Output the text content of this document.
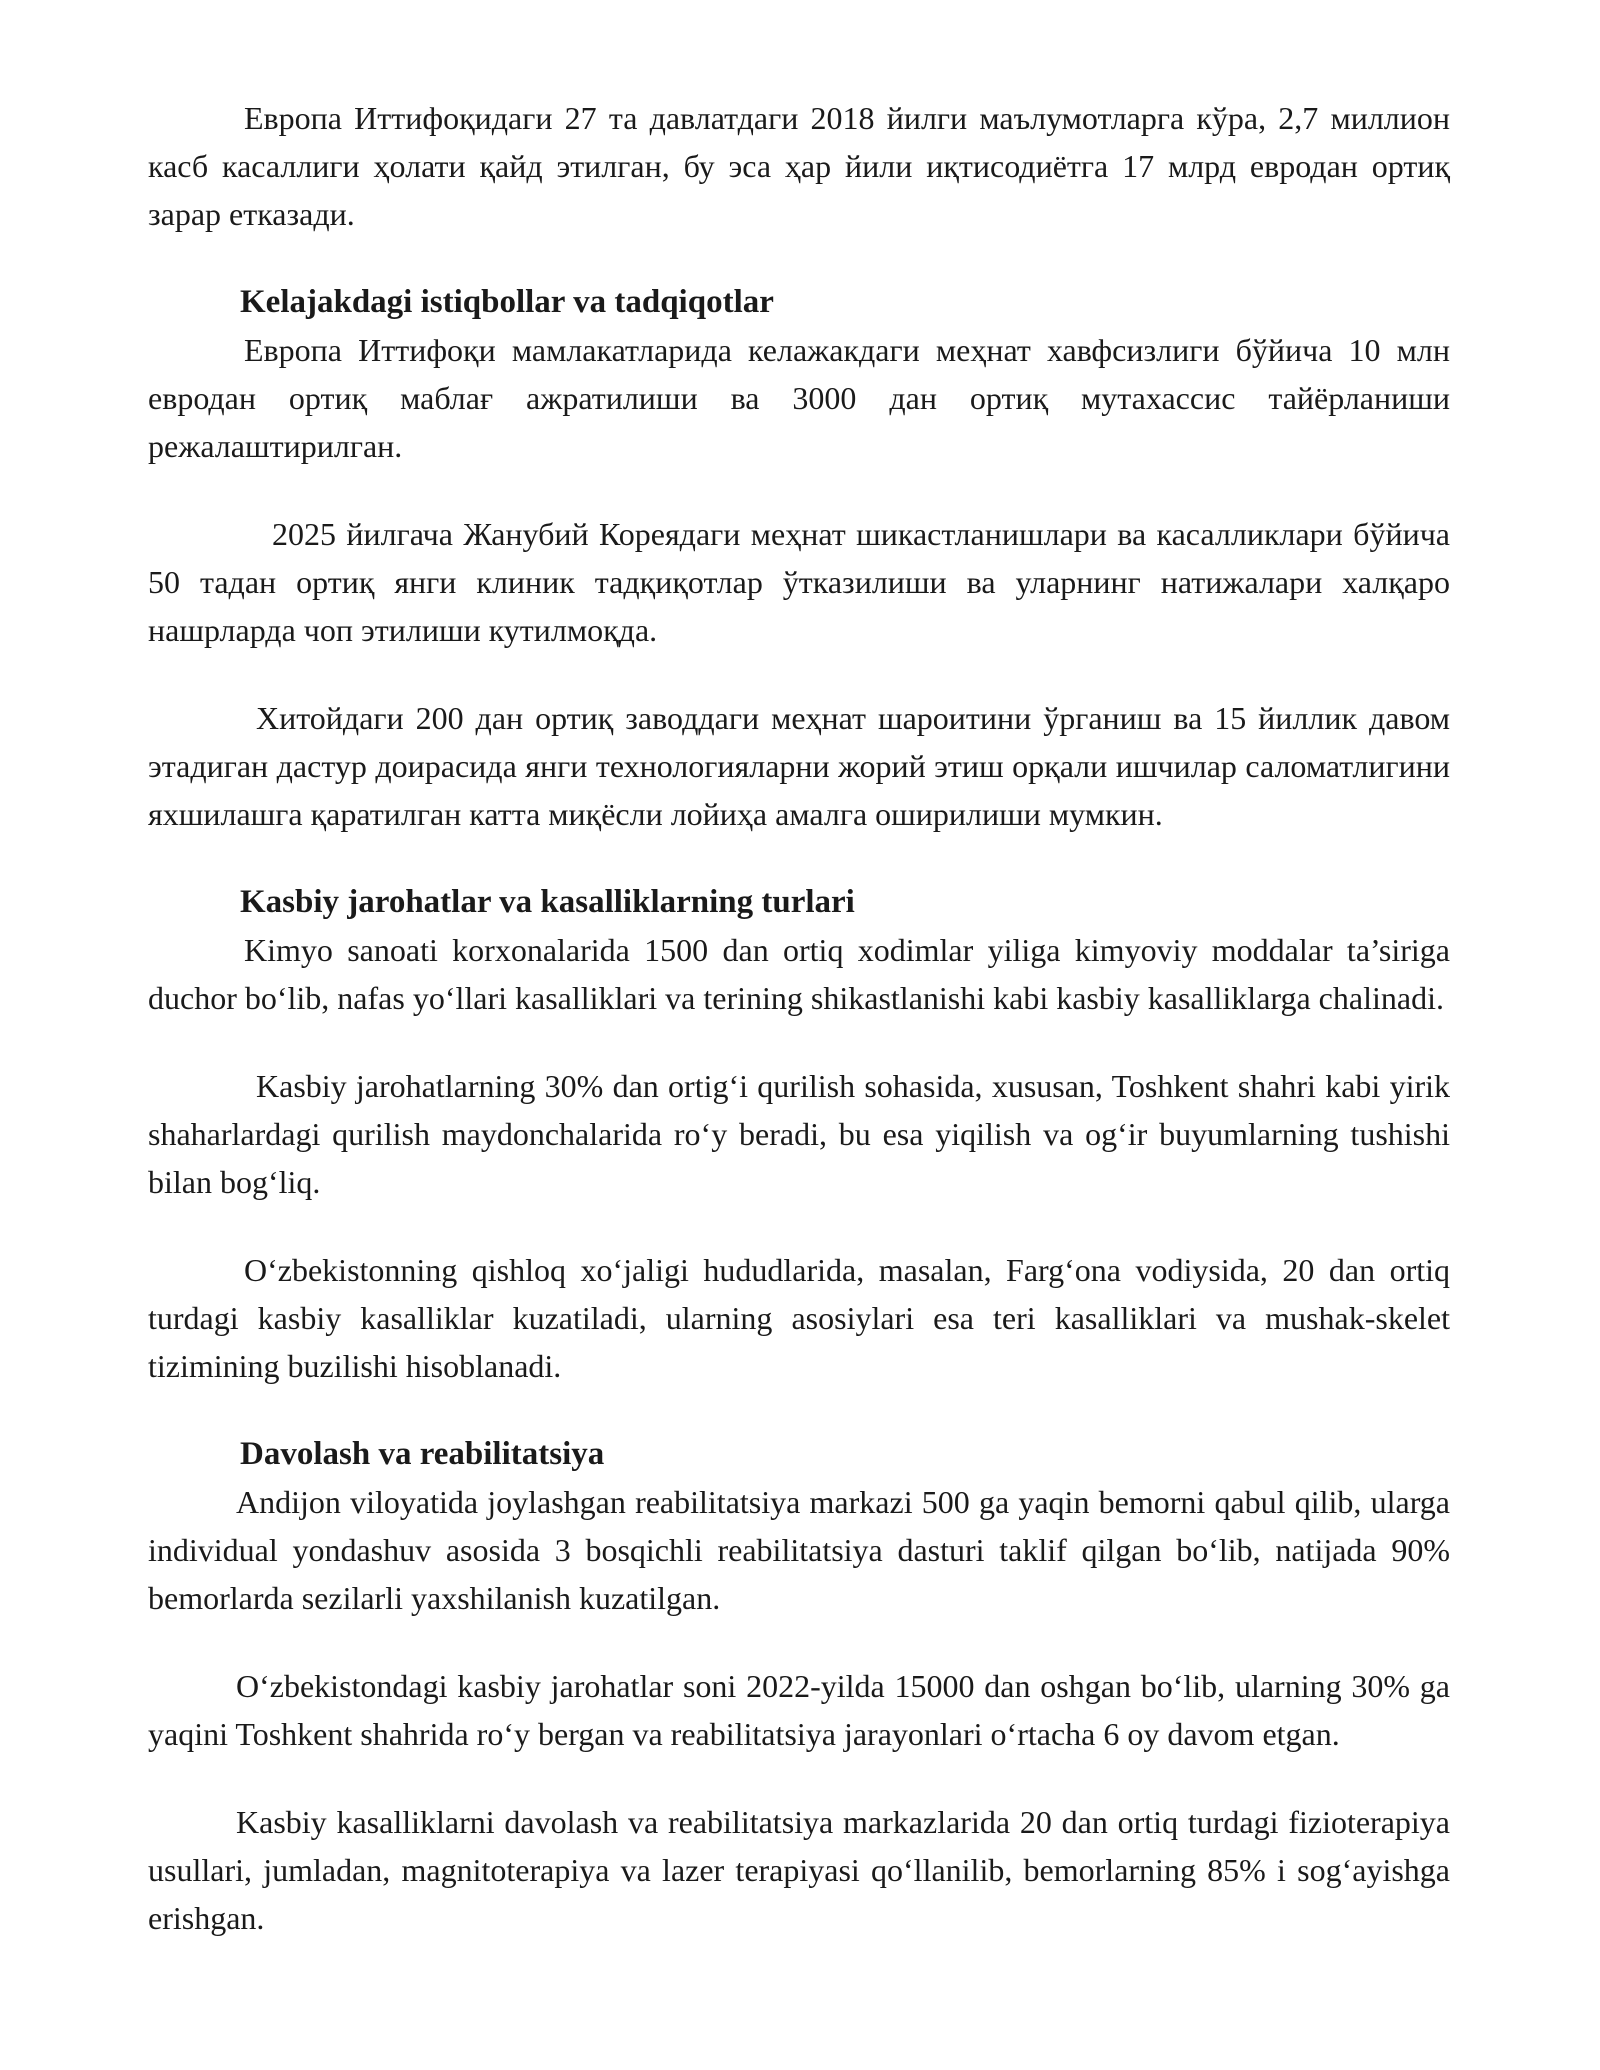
Европа Иттифоқидаги 27 та давлатдаги 2018 йилги маълумотларга кўра, 2,7 миллион касб касаллиги ҳолати қайд этилган, бу эса ҳар йили иқтисодиётга 17 млрд евродан ортиқ зарар етказади.

Kelajakdagi istiqbollar va tadqiqotlar

Европа Иттифоқи мамлакатларида келажакдаги меҳнат хавфсизлиги бўйича 10 млн евродан ортиқ маблағ ажратилиши ва 3000 дан ортиқ мутахассис тайёрланиши режалаштирилган.

2025 йилгача Жанубий Кореядаги меҳнат шикастланишлари ва касалликлари бўйича 50 тадан ортиқ янги клиник тадқиқотлар ўтказилиши ва уларнинг натижалари халқаро нашрларда чоп этилиши кутилмоқда.

Хитойдаги 200 дан ортиқ заводдаги меҳнат шароитини ўрганиш ва 15 йиллик давом этадиган дастур доирасида янги технологияларни жорий этиш орқали ишчилар саломатлигини яхшилашга қаратилган катта миқёсли лойиҳа амалга оширилиши мумкин.

Kasbiy jarohatlar va kasalliklarning turlari

Kimyo sanoati korxonalarida 1500 dan ortiq xodimlar yiliga kimyoviy moddalar ta’siriga duchor bo‘lib, nafas yo‘llari kasalliklari va terining shikastlanishi kabi kasbiy kasalliklarga chalinadi.

Kasbiy jarohatlarning 30% dan ortig‘i qurilish sohasida, xususan, Toshkent shahri kabi yirik shaharlardagi qurilish maydonchalarida ro‘y beradi, bu esa yiqilish va og‘ir buyumlarning tushishi bilan bog‘liq.

O‘zbekistonning qishloq xo‘jaligi hududlarida, masalan, Farg‘ona vodiysida, 20 dan ortiq turdagi kasbiy kasalliklar kuzatiladi, ularning asosiylari esa teri kasalliklari va mushak-skelet tizimining buzilishi hisoblanadi.

Davolash va reabilitatsiya

Andijon viloyatida joylashgan reabilitatsiya markazi 500 ga yaqin bemorni qabul qilib, ularga individual yondashuv asosida 3 bosqichli reabilitatsiya dasturi taklif qilgan bo‘lib, natijada 90% bemorlarda sezilarli yaxshilanish kuzatilgan.

O‘zbekistondagi kasbiy jarohatlar soni 2022-yilda 15000 dan oshgan bo‘lib, ularning 30% ga yaqini Toshkent shahrida ro‘y bergan va reabilitatsiya jarayonlari o‘rtacha 6 oy davom etgan.

Kasbiy kasalliklarni davolash va reabilitatsiya markazlarida 20 dan ortiq turdagi fizioterapiya usullari, jumladan, magnitoterapiya va lazer terapiyasi qo‘llanilib, bemorlarning 85% i sog‘ayishga erishgan.
